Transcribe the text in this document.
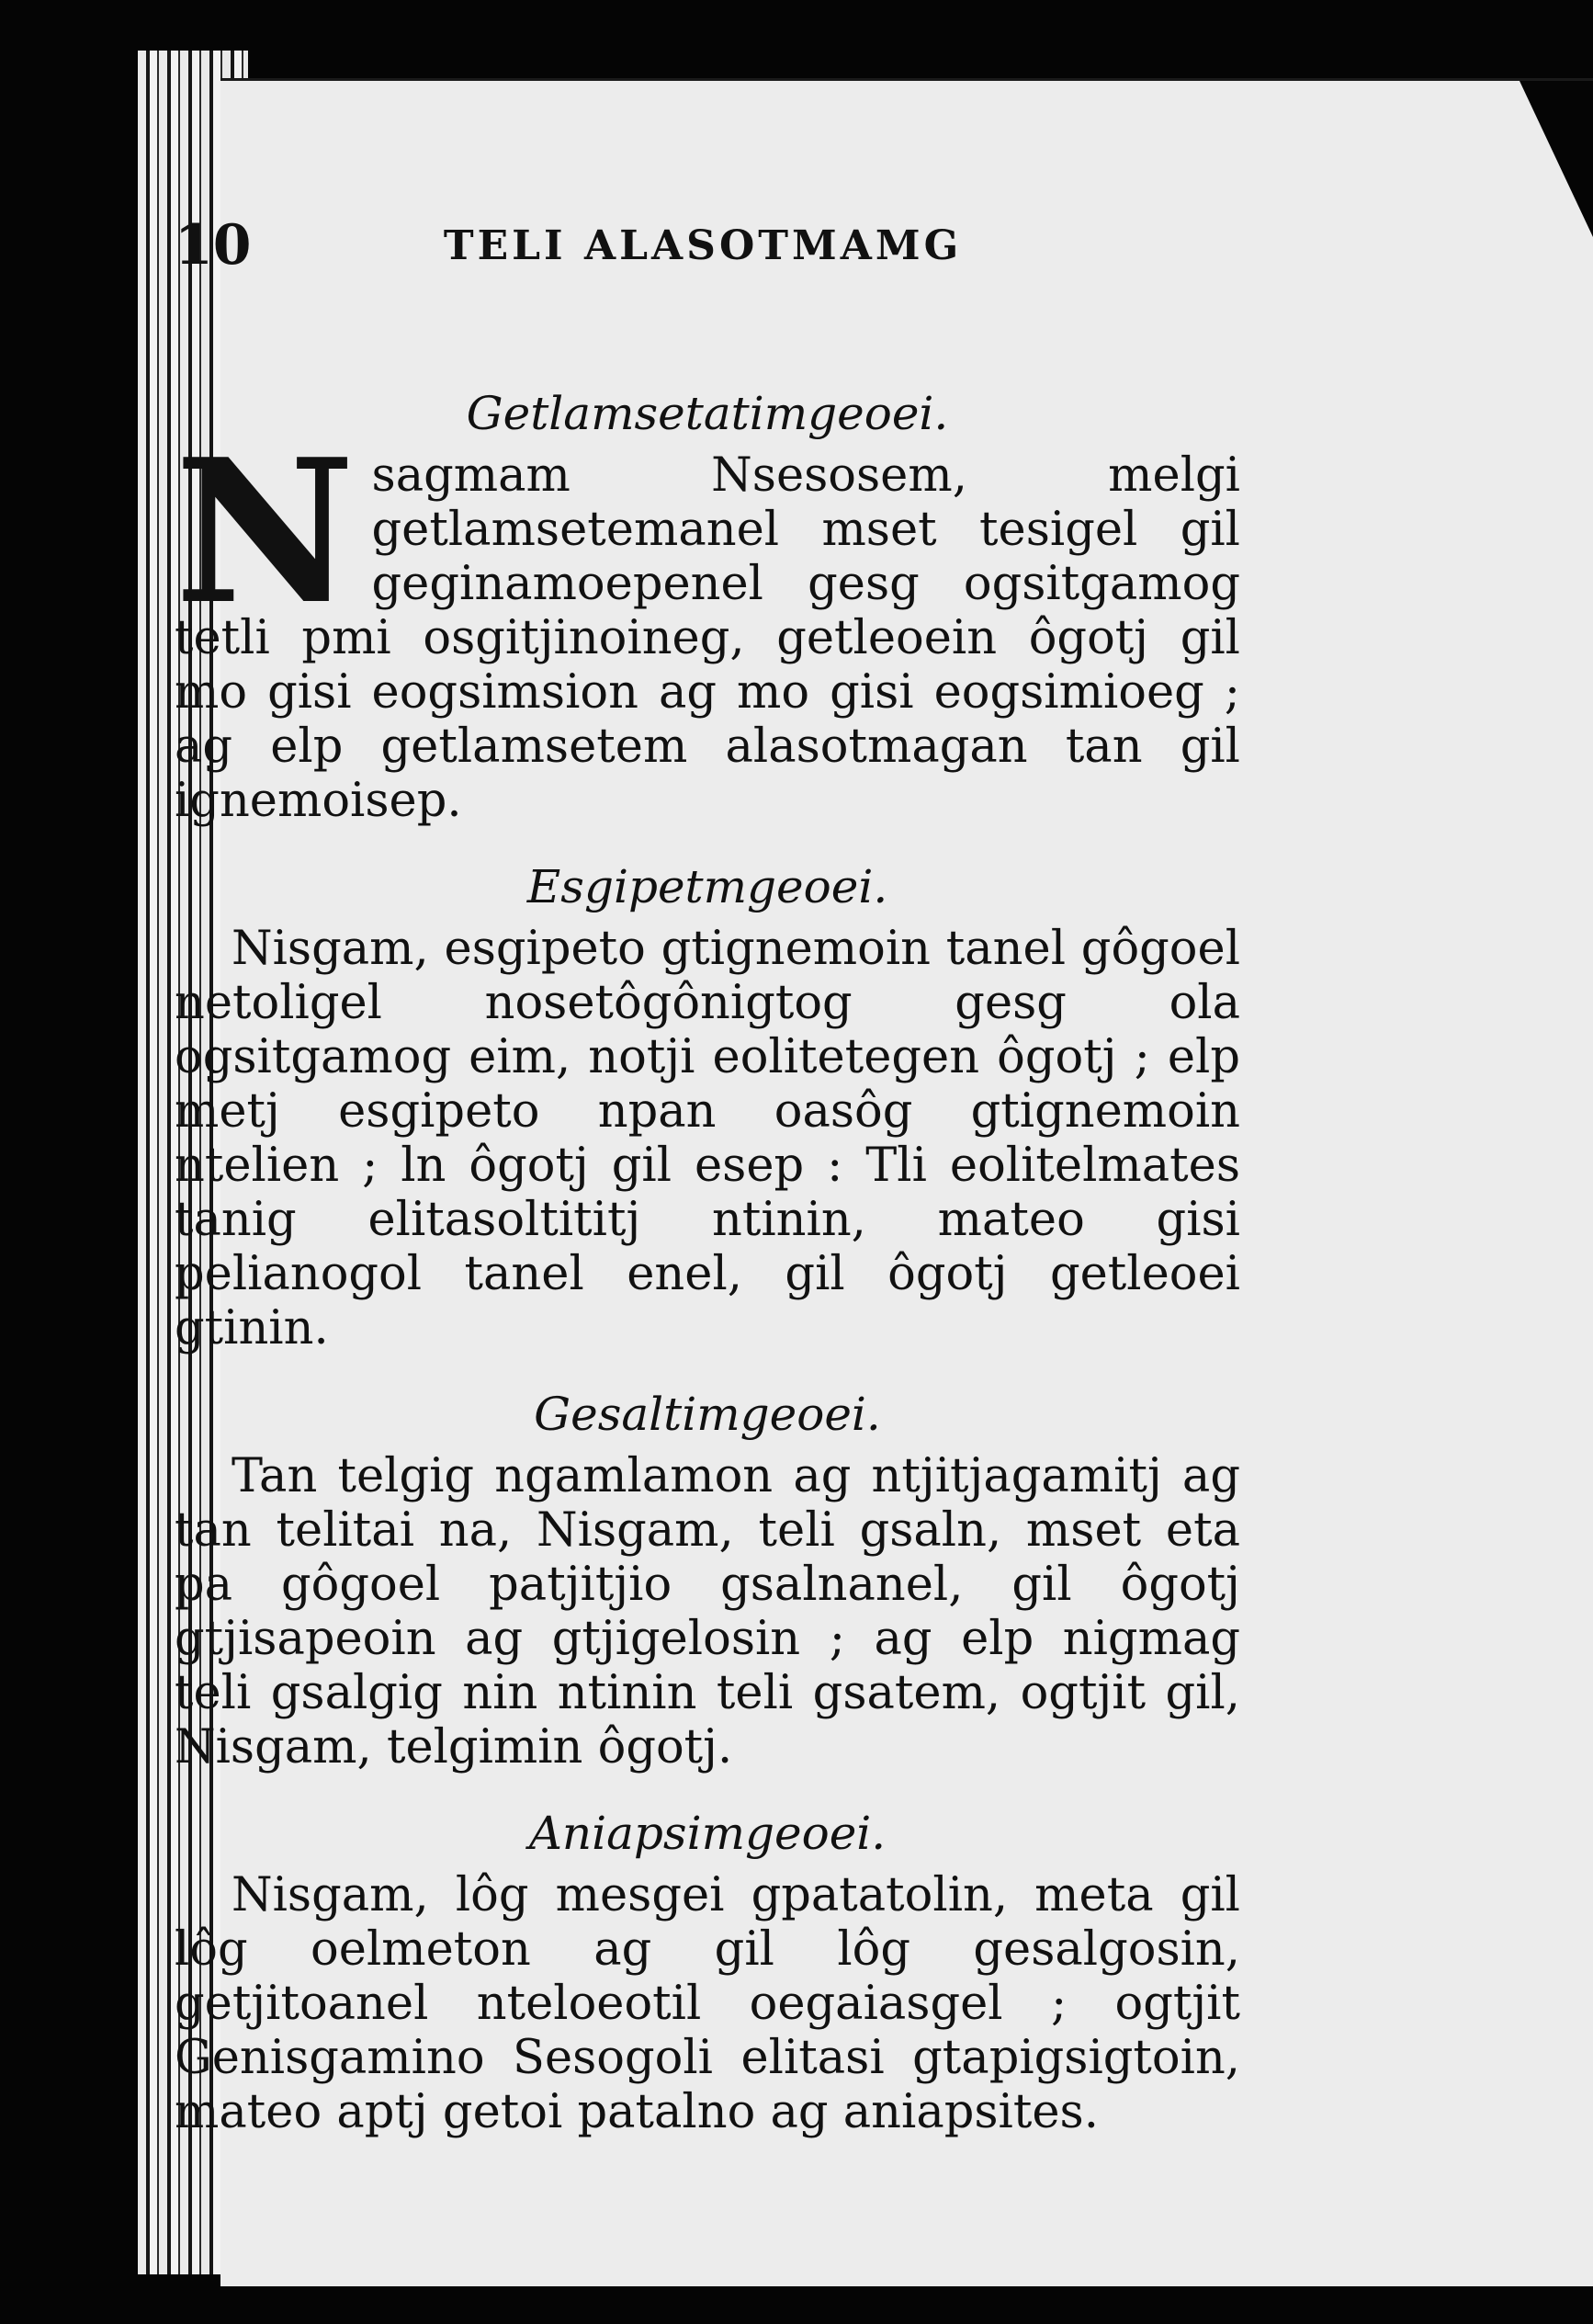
10	TELI ALASOTMAMG
Getlamsetatimgeoei.

Nsagmam Nsesosem, melgi getlamsetemanel mset tesigel gil geginamoepenel gesg ogsitgamog tetli pmi osgitjinoineg, getleoein ôgotj gil mo gisi eogsimsion ag mo gisi eogsimioeg ; ag elp getlamsetem alasotmagan tan gil ignemoisep.

Esgipetmgeoei.

Nisgam, esgipeto gtignemoin tanel gôgoel netoligel nosetôgônigtog gesg ola ogsitgamog eim, notji eolitetegen ôgotj ; elp metj esgipeto npan oasôg gtignemoin ntelien ; ln ôgotj gil esep : Tli eolitelmates tanig elitasoltititj ntinin, mateo gisi pelianogol tanel enel, gil ôgotj getleoei gtinin.

Gesaltimgeoei.

Tan telgig ngamlamon ag ntjitjagamitj ag tan telitai na, Nisgam, teli gsaln, mset eta pa gôgoel patjitjio gsalnanel, gil ôgotj gtjisapeoin ag gtjigelosin ; ag elp nigmag teli gsalgig nin ntinin teli gsatem, ogtjit gil, Nisgam, telgimin ôgotj.

Aniapsimgeoei.

Nisgam, lôg mesgei gpatatolin, meta gil lôg oelmeton ag gil lôg gesalgosin, getjitoanel nteloeotil oegaiasgel ; ogtjit Genisgamino Sesogoli elitasi gtapigsigtoin, mateo aptj getoi patalno ag aniapsites.
